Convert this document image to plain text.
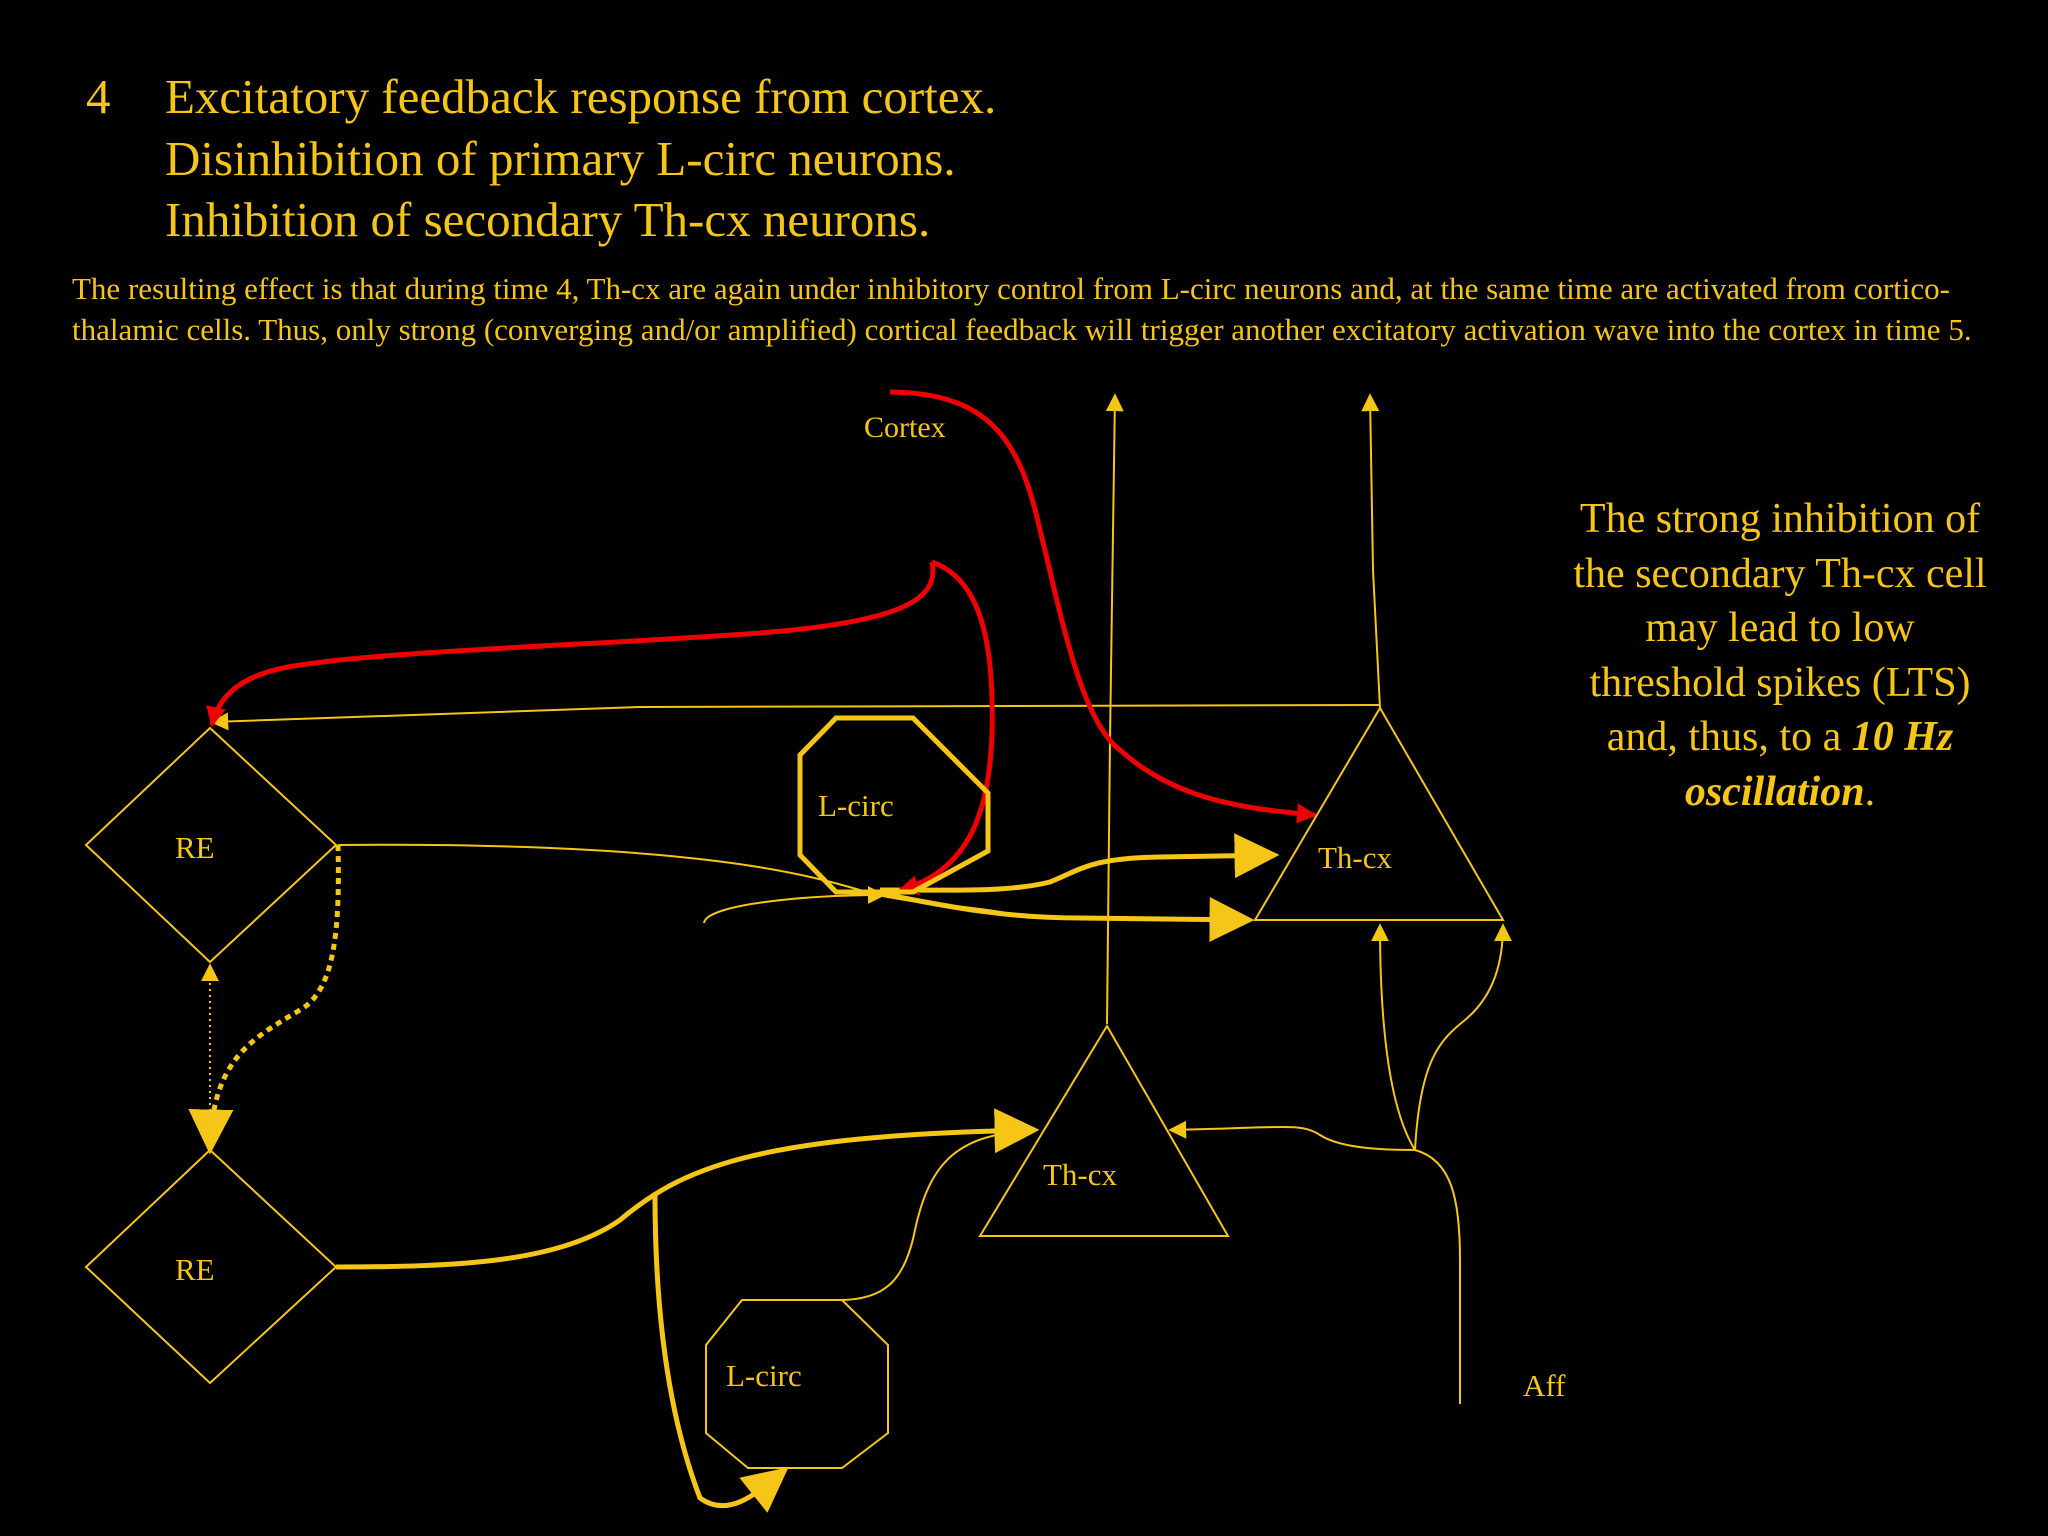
4 Excitatory feedback response from cortex.
Disinhibition of primary L-circ neurons.
Inhibition of secondary Th-cx neurons.
The resulting effect is that during time 4, Th-cx are again under inhibitory control from L-circ neurons and, at the same time are activated from cortico-thalamic cells. Thus, only strong (converging and/or amplified) cortical feedback will trigger another excitatory activation wave into the cortex in time 5.
Cortex
RE
RE
L-circ
L-circ
Th-cx
Th-cx
Aff
The strong inhibition of the secondary Th-cx cell may lead to low threshold spikes (LTS) and, thus, to a 10 Hz oscillation.
